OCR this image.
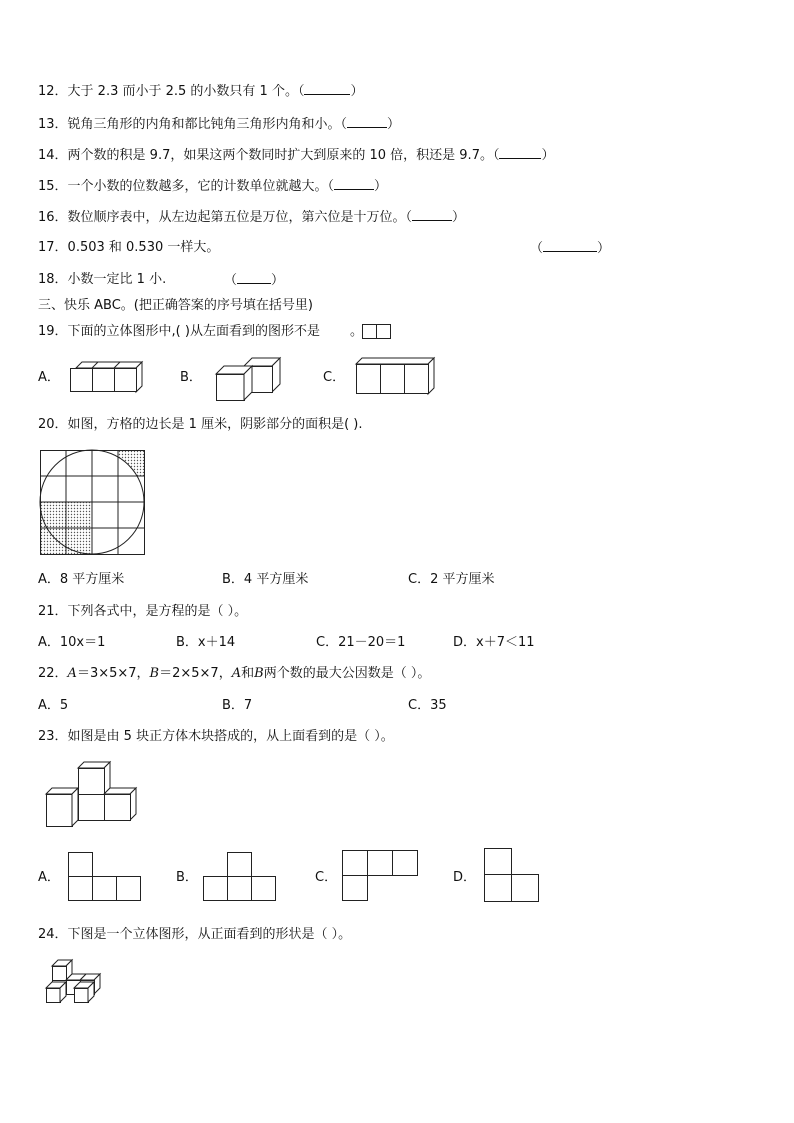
12．大于 2.3 而小于 2.5 的小数只有 1 个。（	）
13．锐角三角形的内角和都比钝角三角形内角和小。（	）
14．两个数的积是 9.7，如果这两个数同时扩大到原来的 10 倍，积还是 9.7。（	）
15．一个小数的位数越多，它的计数单位就越大。（	）
16．数位顺序表中，从左边起第五位是万位，第六位是十万位。（	）
17．0.503 和 0.530 一样大。	（	）
18．小数一定比 1 小.	（	）
三、快乐 ABC。(把正确答案的序号填在括号里)
19．下面的立体图形中,( )从左面看到的图形不是 。
A．	B．	C．
20．如图，方格的边长是 1 厘米，阴影部分的面积是( ).
A．8 平方厘米	B．4 平方厘米	C．2 平方厘米
21．下列各式中，是方程的是（ ）。
A．10x＝1	B．x＋14	C．21－20＝1	D．x＋7＜11
22．A＝3×5×7，B＝2×5×7，A和B两个数的最大公因数是（ ）。
A．5	B．7	C．35
23．如图是由 5 块正方体木块搭成的，从上面看到的是（ ）。
A．	B．	C．	D．
24．下图是一个立体图形，从正面看到的形状是（ ）。
